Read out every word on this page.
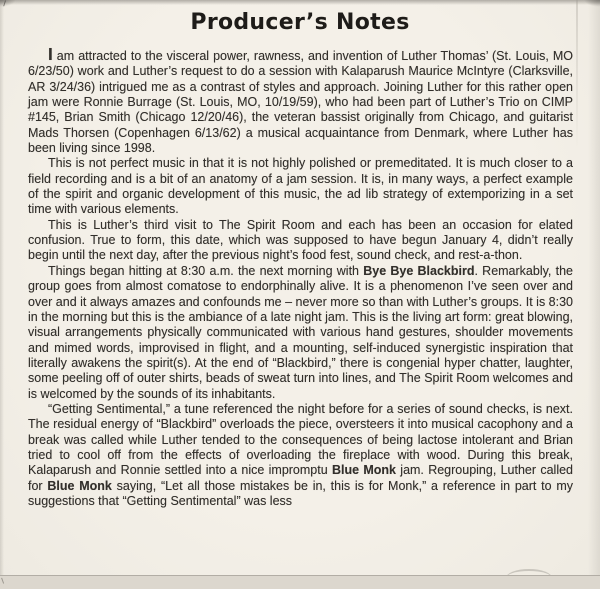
Producer’s Notes

I am attracted to the visceral power, rawness, and invention of Luther Thomas’ (St. Louis, MO 6/23/50) work and Luther’s request to do a session with Kalaparush Maurice McIntyre (Clarksville, AR 3/24/36) intrigued me as a contrast of styles and approach. Joining Luther for this rather open jam were Ronnie Burrage (St. Louis, MO, 10/19/59), who had been part of Luther’s Trio on CIMP #145, Brian Smith (Chicago 12/20/46), the veteran bassist originally from Chicago, and guitarist Mads Thorsen (Copenhagen 6/13/62) a musical acquaintance from Denmark, where Luther has been living since 1998.

This is not perfect music in that it is not highly polished or premeditated. It is much closer to a field recording and is a bit of an anatomy of a jam session. It is, in many ways, a perfect example of the spirit and organic development of this music, the ad lib strategy of extemporizing in a set time with various elements.

This is Luther’s third visit to The Spirit Room and each has been an occasion for elated confusion. True to form, this date, which was supposed to have begun January 4, didn’t really begin until the next day, after the previous night’s food fest, sound check, and rest-a-thon.

Things began hitting at 8:30 a.m. the next morning with Bye Bye Blackbird. Remarkably, the group goes from almost comatose to endorphinally alive. It is a phenomenon I’ve seen over and over and it always amazes and confounds me – never more so than with Luther’s groups. It is 8:30 in the morning but this is the ambiance of a late night jam. This is the living art form: great blowing, visual arrangements physically communicated with various hand gestures, shoulder movements and mimed words, improvised in flight, and a mounting, self-induced synergistic inspiration that literally awakens the spirit(s). At the end of “Blackbird,” there is congenial hyper chatter, laughter, some peeling off of outer shirts, beads of sweat turn into lines, and The Spirit Room welcomes and is welcomed by the sounds of its inhabitants.

“Getting Sentimental,” a tune referenced the night before for a series of sound checks, is next. The residual energy of “Blackbird” overloads the piece, oversteers it into musical cacophony and a break was called while Luther tended to the consequences of being lactose intolerant and Brian tried to cool off from the effects of overloading the fireplace with wood. During this break, Kalaparush and Ronnie settled into a nice impromptu Blue Monk jam. Regrouping, Luther called for Blue Monk saying, “Let all those mistakes be in, this is for Monk,” a reference in part to my suggestions that “Getting Sentimental” was less
